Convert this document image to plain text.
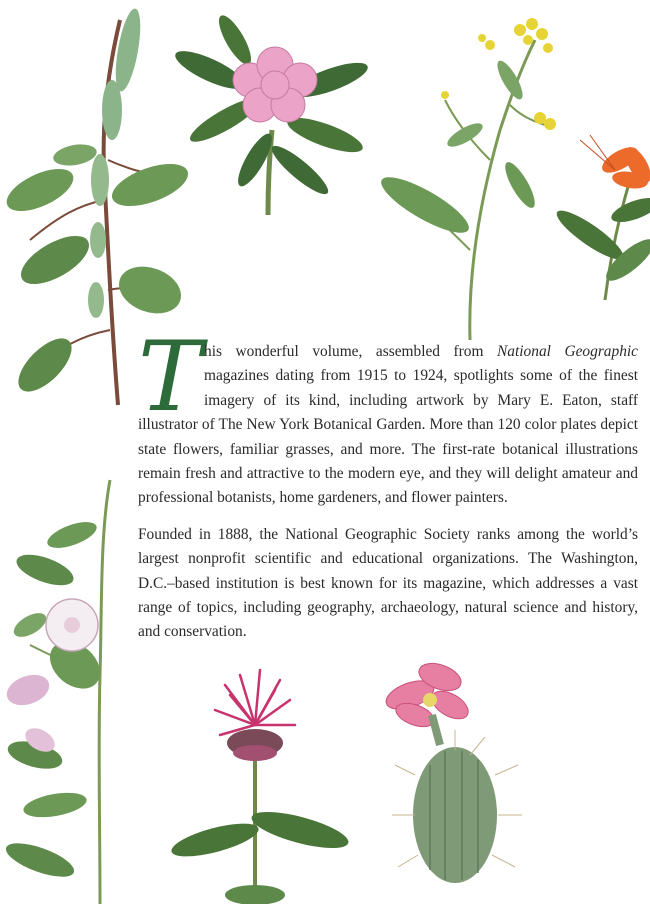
This wonderful volume, assembled from National Geographic magazines dating from 1915 to 1924, spotlights some of the finest imagery of its kind, including artwork by Mary E. Eaton, staff illustrator of The New York Botanical Garden. More than 120 color plates depict state flowers, familiar grasses, and more. The first-rate botanical illustrations remain fresh and attractive to the modern eye, and they will delight amateur and professional botanists, home gardeners, and flower painters.

Founded in 1888, the National Geographic Society ranks among the world’s largest nonprofit scientific and educational organizations. The Washington, D.C.–based institution is best known for its magazine, which addresses a vast range of topics, including geography, archaeology, natural science and history, and conservation.
